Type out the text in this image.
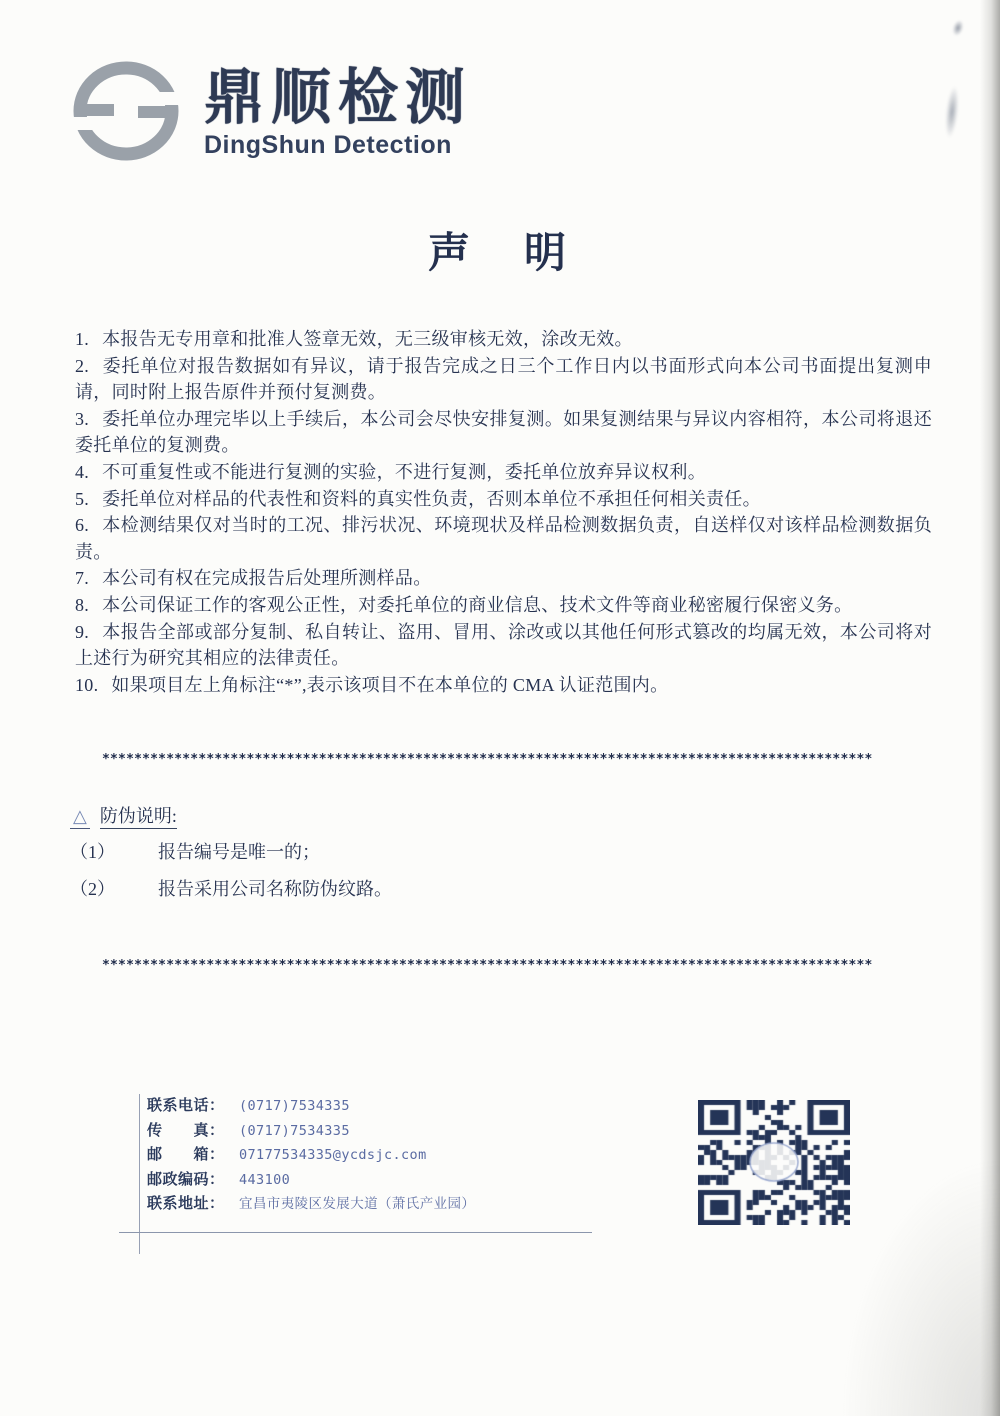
鼎顺检测
DingShun Detection
声　明

1. 本报告无专用章和批准人签章无效，无三级审核无效，涂改无效。

2. 委托单位对报告数据如有异议，请于报告完成之日三个工作日内以书面形式向本公司书面提出复测申请，同时附上报告原件并预付复测费。

3. 委托单位办理完毕以上手续后，本公司会尽快安排复测。如果复测结果与异议内容相符，本公司将退还委托单位的复测费。

4. 不可重复性或不能进行复测的实验，不进行复测，委托单位放弃异议权利。

5. 委托单位对样品的代表性和资料的真实性负责，否则本单位不承担任何相关责任。

6. 本检测结果仅对当时的工况、排污状况、环境现状及样品检测数据负责，自送样仅对该样品检测数据负责。

7. 本公司有权在完成报告后处理所测样品。

8. 本公司保证工作的客观公正性，对委托单位的商业信息、技术文件等商业秘密履行保密义务。

9. 本报告全部或部分复制、私自转让、盗用、冒用、涂改或以其他任何形式篡改的均属无效，本公司将对上述行为研究其相应的法律责任。

10. 如果项目左上角标注“*”,表示该项目不在本单位的 CMA 认证范围内。

************************************************************************************************
************************************************************************************************
△ 防伪说明:
（1）	报告编号是唯一的；
（2）	报告采用公司名称防伪纹路。
联系电话：	(0717)7534335
传　　真：	(0717)7534335
邮　　箱：	07177534335@ycdsjc.com
邮政编码：	443100
联系地址：	宜昌市夷陵区发展大道（萧氏产业园）
